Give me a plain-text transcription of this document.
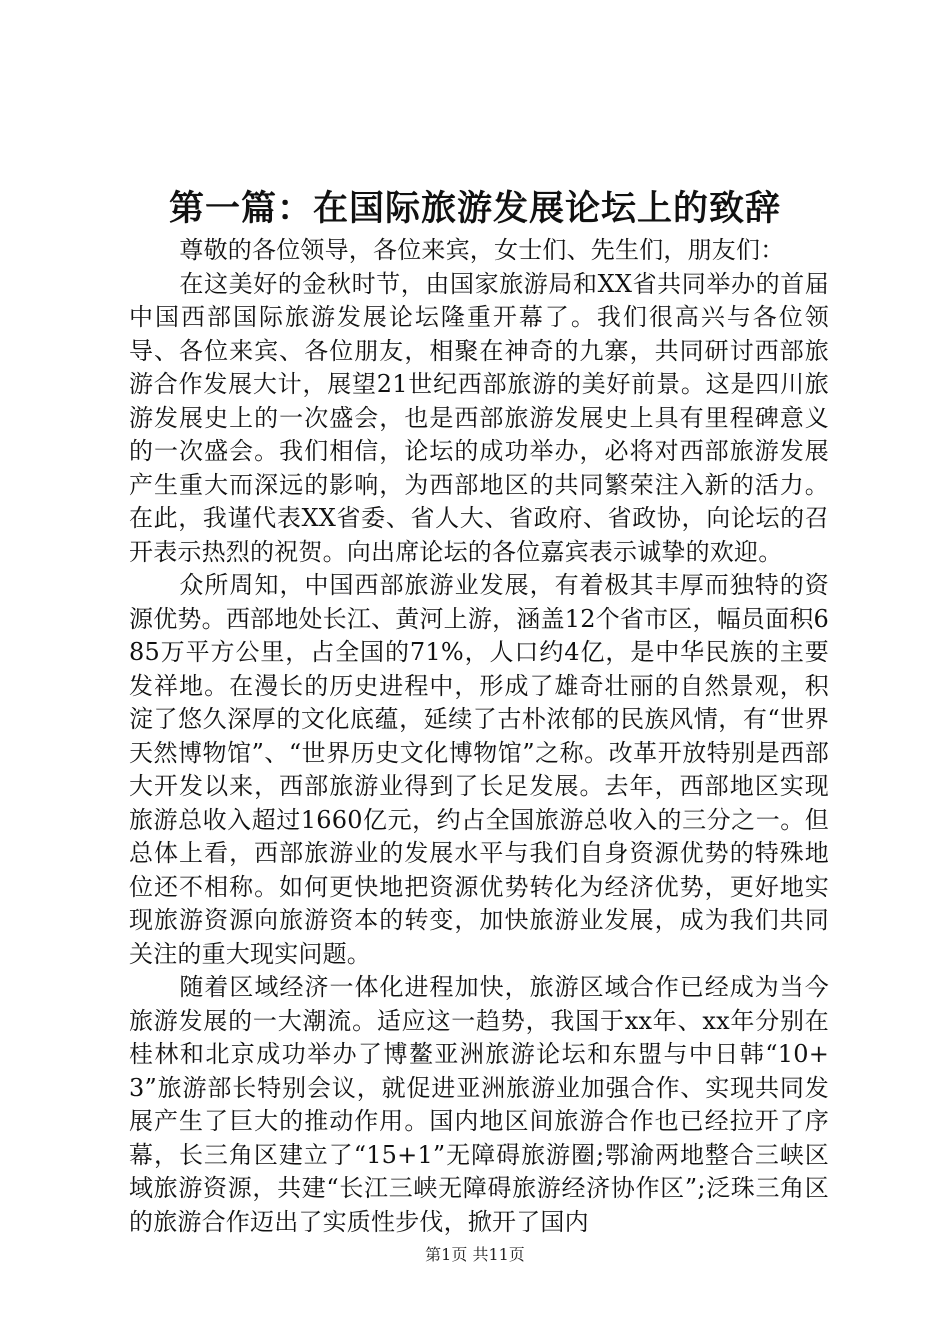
第一篇：在国际旅游发展论坛上的致辞

尊敬的各位领导，各位来宾，女士们、先生们，朋友们：

在这美好的金秋时节，由国家旅游局和XX省共同举办的首届中国西部国际旅游发展论坛隆重开幕了。我们很高兴与各位领导、各位来宾、各位朋友，相聚在神奇的九寨，共同研讨西部旅游合作发展大计，展望21世纪西部旅游的美好前景。这是四川旅游发展史上的一次盛会，也是西部旅游发展史上具有里程碑意义的一次盛会。我们相信，论坛的成功举办，必将对西部旅游发展产生重大而深远的影响，为西部地区的共同繁荣注入新的活力。在此，我谨代表XX省委、省人大、省政府、省政协，向论坛的召开表示热烈的祝贺。向出席论坛的各位嘉宾表示诚挚的欢迎。

众所周知，中国西部旅游业发展，有着极其丰厚而独特的资源优势。西部地处长江、黄河上游，涵盖12个省市区，幅员面积685万平方公里，占全国的71%，人口约4亿，是中华民族的主要发祥地。在漫长的历史进程中，形成了雄奇壮丽的自然景观，积淀了悠久深厚的文化底蕴，延续了古朴浓郁的民族风情，有“世界天然博物馆”、“世界历史文化博物馆”之称。改革开放特别是西部大开发以来，西部旅游业得到了长足发展。去年，西部地区实现旅游总收入超过1660亿元，约占全国旅游总收入的三分之一。但总体上看，西部旅游业的发展水平与我们自身资源优势的特殊地位还不相称。如何更快地把资源优势转化为经济优势，更好地实现旅游资源向旅游资本的转变，加快旅游业发展，成为我们共同关注的重大现实问题。

随着区域经济一体化进程加快，旅游区域合作已经成为当今旅游发展的一大潮流。适应这一趋势，我国于xx年、xx年分别在桂林和北京成功举办了博鳌亚洲旅游论坛和东盟与中日韩“10+3”旅游部长特别会议，就促进亚洲旅游业加强合作、实现共同发展产生了巨大的推动作用。国内地区间旅游合作也已经拉开了序幕，长三角区建立了“15+1”无障碍旅游圈;鄂渝两地整合三峡区域旅游资源，共建“长江三峡无障碍旅游经济协作区”;泛珠三角区的旅游合作迈出了实质性步伐，掀开了国内

第1页 共11页
